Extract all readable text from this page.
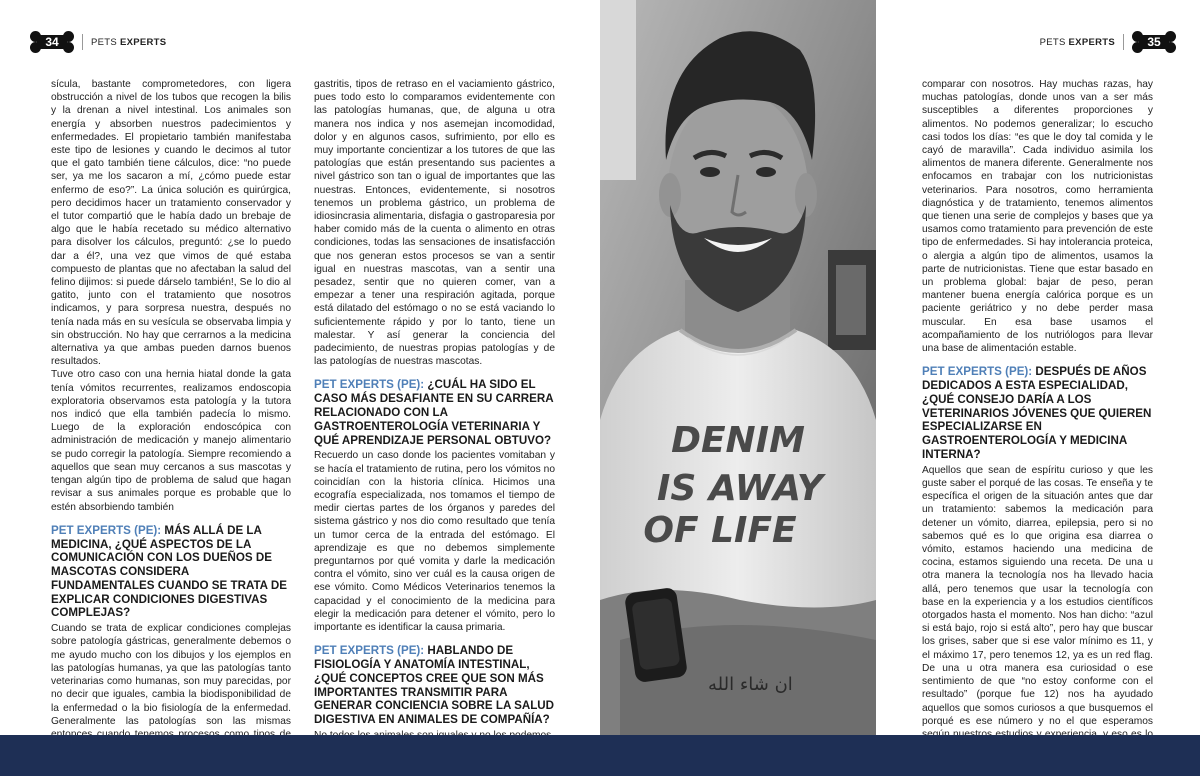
34	PETS EXPERTS	35
PETS EXPERTS

sícula, bastante comprometedores, con ligera obstrucción a nivel de los tubos que recogen la bilis y la drenan a nivel intestinal. Los animales son energía y absorben nuestros padecimientos y enfermedades. El propietario también manifestaba este tipo de lesiones y cuando le decimos al tutor que el gato también tiene cálculos, dice: “no puede ser, ya me los sacaron a mí, ¿cómo puede estar enfermo de eso?”. La única solución es quirúrgica, pero decidimos hacer un tratamiento conservador y el tutor compartió que le había dado un brebaje de algo que le había recetado su médico alternativo para disolver los cálculos, preguntó: ¿se lo puedo dar a él?, una vez que vimos de qué estaba compuesto de plantas que no afectaban la salud del felino dijimos: si puede dárselo también!, Se lo dio al gatito, junto con el tratamiento que nosotros indicamos, y para sorpresa nuestra, después no tenía nada más en su vesícula se observaba limpia y sin obstrucción. No hay que cerrarnos a la medicina alternativa ya que ambas pueden darnos buenos resultados.

Tuve otro caso con una hernia hiatal donde la gata tenía vómitos recurrentes, realizamos endoscopia exploratoria observamos esta patología y la tutora nos indicó que ella también padecía lo mismo. Luego de la exploración endoscópica con administración de medicación y manejo alimentario se pudo corregir la patología. Siempre recomiendo a aquellos que sean muy cercanos a sus mascotas y tengan algún tipo de problema de salud que hagan revisar a sus animales porque es probable que lo estén absorbiendo también

PET EXPERTS (PE): MÁS ALLÁ DE LA MEDICINA, ¿QUÉ ASPECTOS DE LA COMUNICACIÓN CON LOS DUEÑOS DE MASCOTAS CONSIDERA FUNDAMENTALES CUANDO SE TRATA DE EXPLICAR CONDICIONES DIGESTIVAS COMPLEJAS?

Cuando se trata de explicar condiciones complejas sobre patología gástricas, generalmente debemos o me ayudo mucho con los dibujos y los ejemplos en las patologías humanas, ya que las patologías tanto veterinarias como humanas, son muy parecidas, por no decir que iguales, cambia la biodisponibilidad de la enfermedad o la bio fisiología de la enfermedad. Generalmente las patologías son las mismas

gastritis, tipos de retraso en el vaciamiento gástrico, pues todo esto lo comparamos evidentemente con las patologías humanas, que, de alguna u otra manera nos indica y nos asemejan incomodidad, dolor y en algunos casos, sufrimiento, por ello es muy importante concientizar a los tutores de que las patologías que están presentando sus pacientes a nivel gástrico son tan o igual de importantes que las nuestras. Entonces, evidentemente, si nosotros tenemos un problema gástrico, un problema de idiosincrasia alimentaria, disfagia o gastroparesia por haber comido más de la cuenta o alimento en otras condiciones, todas las sensaciones de insatisfacción que nos generan estos procesos se van a sentir igual en nuestras mascotas, van a sentir una pesadez, sentir que no quieren comer, van a empezar a tener una respiración agitada, porque está dilatado del estómago o no se está vaciando lo suficientemente rápido y por lo tanto, tiene un malestar. Y así generar la conciencia del padecimiento, de nuestras propias patologías y de las patologías de nuestras mascotas.

PET EXPERTS (PE): ¿CUÁL HA SIDO EL CASO MÁS DESAFIANTE EN SU CARRERA RELACIONADO CON LA GASTROENTEROLOGÍA VETERINARIA Y QUÉ APRENDIZAJE PERSONAL OBTUVO?

Recuerdo un caso donde los pacientes vomitaban y se hacía el tratamiento de rutina, pero los vómitos no coincidían con la historia clínica. Hicimos una ecografía especializada, nos tomamos el tiempo de medir ciertas partes de los órganos y paredes del sistema gástrico y nos dio como resultado que tenía un tumor cerca de la entrada del estómago. El aprendizaje es que no debemos simplemente preguntarnos por qué vomita y darle la medicación contra el vómito, sino ver cuál es la causa origen de ese vómito. Como Médicos Veterinarios tenemos la capacidad y el conocimiento de la medicina para elegir la medicación para detener el vómito, pero lo importante es identificar la causa primaria.

PET EXPERTS (PE): HABLANDO DE FISIOLOGÍA Y ANATOMÍA INTESTINAL, ¿QUÉ CONCEPTOS CREE QUE SON MÁS IMPORTANTES TRANSMITIR PARA GENERAR CONCIENCIA SOBRE LA SALUD DIGESTIVA EN ANIMALES DE COMPAÑÍA?

DENIM
IS AWAY
OF LIFE
ان شاء الله

comparar con nosotros. Hay muchas razas, hay muchas patologías, donde unos van a ser más susceptibles a diferentes proporciones y alimentos. No podemos generalizar; lo escucho casi todos los días: “es que le doy tal comida y le cayó de maravilla”. Cada individuo asimila los alimentos de manera diferente. Generalmente nos enfocamos en trabajar con los nutricionistas veterinarios. Para nosotros, como herramienta diagnóstica y de tratamiento, tenemos alimentos que tienen una serie de complejos y bases que ya usamos como tratamiento para prevención de este tipo de enfermedades. Si hay intolerancia proteica, o alergia a algún tipo de alimentos, usamos la parte de nutricionistas. Tiene que estar basado en un problema global: bajar de peso, peran mantener buena energía calórica porque es un paciente geriátrico y no debe perder masa muscular. En esa base usamos el acompañamiento de los nutriólogos para llevar una base de alimentación estable.

PET EXPERTS (PE): DESPUÉS DE AÑOS DEDICADOS A ESTA ESPECIALIDAD, ¿QUÉ CONSEJO DARÍA A LOS VETERINARIOS JÓVENES QUE QUIEREN ESPECIALIZARSE EN GASTROENTEROLOGÍA Y MEDICINA INTERNA?

Aquellos que sean de espíritu curioso y que les guste saber el porqué de las cosas. Te enseña y te específica el origen de la situación antes que dar un tratamiento: sabemos la medicación para detener un vómito, diarrea, epilepsia, pero si no sabemos qué es lo que origina esa diarrea o vómito, estamos haciendo una medicina de cocina, estamos siguiendo una receta. De una u otra manera la tecnología nos ha llevado hacia allá, pero tenemos que usar la tecnología con base en la experiencia y a los estudios científicos otorgados hasta el momento. Nos han dicho: “azul si está bajo, rojo si está alto”, pero hay que buscar los grises, saber que si ese valor mínimo es 11, y el máximo 17, pero tenemos 12, ya es un red flag. De una u otra manera esa curiosidad o ese sentimiento de que “no estoy conforme con el resultado” (porque fue 12) nos ha ayudado aquellos que somos curiosos a que busquemos el porqué es ese número y no el que esperamos
